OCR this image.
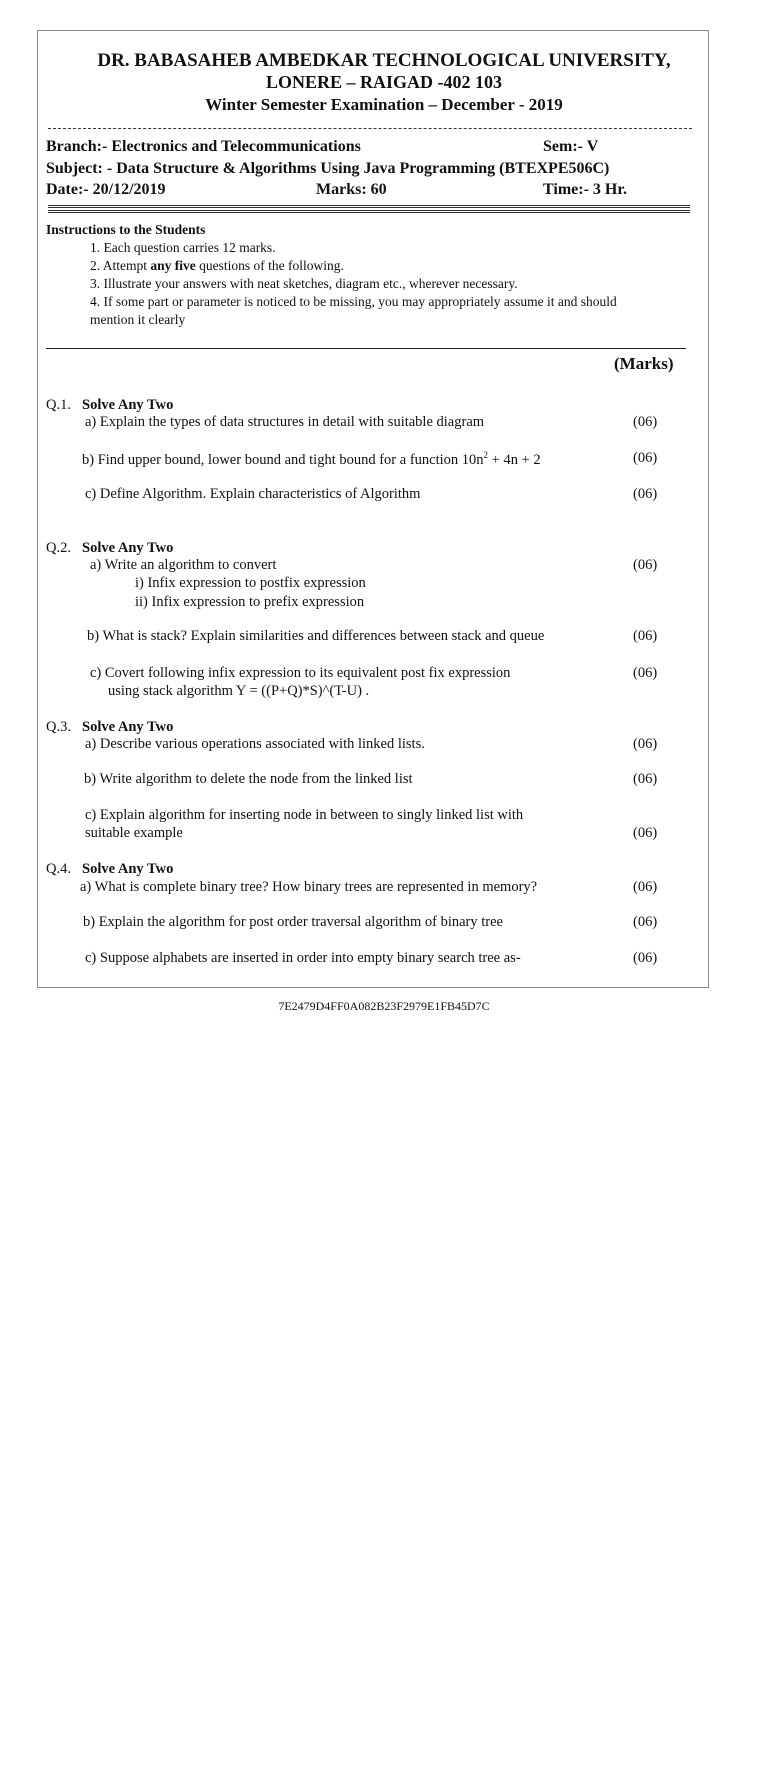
DR. BABASAHEB AMBEDKAR TECHNOLOGICAL UNIVERSITY,
LONERE – RAIGAD -402 103
Winter Semester Examination – December - 2019
Branch:- Electronics and Telecommunications	Sem:- V
Subject: - Data Structure & Algorithms Using Java Programming (BTEXPE506C)
Date:- 20/12/2019	Marks: 60	Time:- 3 Hr.
Instructions to the Students
1. Each question carries 12 marks.
2. Attempt any five questions of the following.
3. Illustrate your answers with neat sketches, diagram etc., wherever necessary.
4. If some part or parameter is noticed to be missing, you may appropriately assume it and should
mention it clearly
(Marks)
Q.1. Solve Any Two
a) Explain the types of data structures in detail with suitable diagram	(06)
b) Find upper bound, lower bound and tight bound for a function $10n^2 + 4n + 2$	(06)
c) Define Algorithm. Explain characteristics of Algorithm	(06)
Q.2. Solve Any Two
a) Write an algorithm to convert	(06)
i) Infix expression to postfix expression
ii) Infix expression to prefix expression
b) What is stack? Explain similarities and differences between stack and queue	(06)
c) Covert following infix expression to its equivalent post fix expression	(06)
using stack algorithm Y = ((P+Q)*S)^(T-U) .
Q.3. Solve Any Two
a) Describe various operations associated with linked lists.	(06)
b) Write algorithm to delete the node from the linked list	(06)
c) Explain algorithm for inserting node in between to singly linked list with
suitable example	(06)
Q.4. Solve Any Two
a) What is complete binary tree? How binary trees are represented in memory?	(06)
b) Explain the algorithm for post order traversal algorithm of binary tree	(06)
c) Suppose alphabets are inserted in order into empty binary search tree as-	(06)
7E2479D4FF0A082B23F2979E1FB45D7C
